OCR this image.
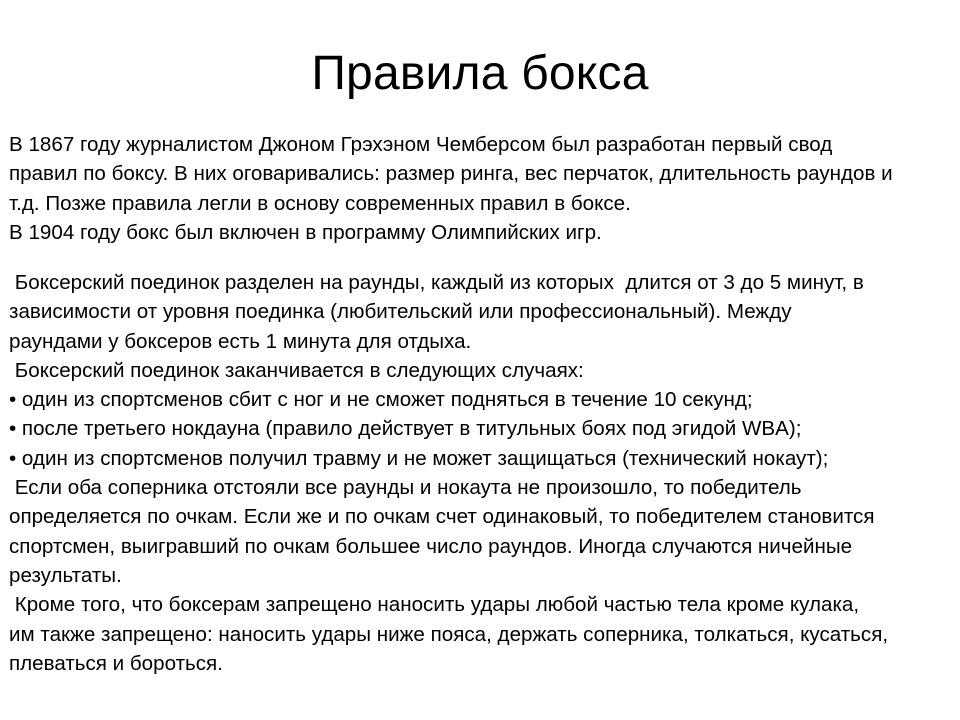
Правила бокса
В 1867 году журналистом Джоном Грэхэном Чемберсом был разработан первый свод
правил по боксу. В них оговаривались: размер ринга, вес перчаток, длительность раундов и
т.д. Позже правила легли в основу современных правил в боксе.
В 1904 году бокс был включен в программу Олимпийских игр.
Боксерский поединок разделен на раунды, каждый из которых  длится от 3 до 5 минут, в
зависимости от уровня поединка (любительский или профессиональный). Между
раундами у боксеров есть 1 минута для отдыха.
Боксерский поединок заканчивается в следующих случаях:
• один из спортсменов сбит с ног и не сможет подняться в течение 10 секунд;
• после третьего нокдауна (правило действует в титульных боях под эгидой WBA);
• один из спортсменов получил травму и не может защищаться (технический нокаут);
Если оба соперника отстояли все раунды и нокаута не произошло, то победитель
определяется по очкам. Если же и по очкам счет одинаковый, то победителем становится
спортсмен, выигравший по очкам большее число раундов. Иногда случаются ничейные
результаты.
Кроме того, что боксерам запрещено наносить удары любой частью тела кроме кулака,
им также запрещено: наносить удары ниже пояса, держать соперника, толкаться, кусаться,
плеваться и бороться.
